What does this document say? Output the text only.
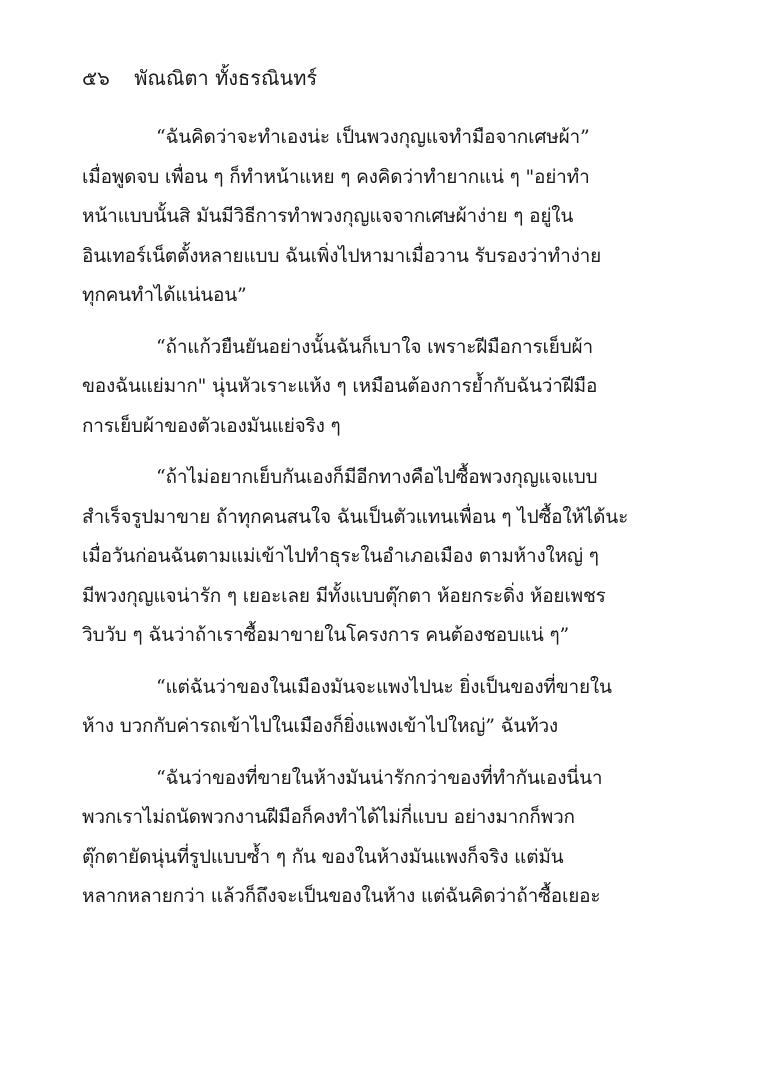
๕๖ พัณณิตา ทั้งธรณินทร์

“ฉันคิดว่าจะทำเองน่ะ เป็นพวงกุญแจทำมือจากเศษผ้า”
เมื่อพูดจบ เพื่อน ๆ ก็ทำหน้าแหย ๆ คงคิดว่าทำยากแน่ ๆ "อย่าทำ
หน้าแบบนั้นสิ มันมีวิธีการทำพวงกุญแจจากเศษผ้าง่าย ๆ อยู่ใน
อินเทอร์เน็ตตั้งหลายแบบ ฉันเพิ่งไปหามาเมื่อวาน รับรองว่าทำง่าย
ทุกคนทำได้แน่นอน”

“ถ้าแก้วยืนยันอย่างนั้นฉันก็เบาใจ เพราะฝีมือการเย็บผ้า
ของฉันแย่มาก" นุ่นหัวเราะแห้ง ๆ เหมือนต้องการย้ำกับฉันว่าฝีมือ
การเย็บผ้าของตัวเองมันแย่จริง ๆ

“ถ้าไม่อยากเย็บกันเองก็มีอีกทางคือไปซื้อพวงกุญแจแบบ
สำเร็จรูปมาขาย ถ้าทุกคนสนใจ ฉันเป็นตัวแทนเพื่อน ๆ ไปซื้อให้ได้นะ
เมื่อวันก่อนฉันตามแม่เข้าไปทำธุระในอำเภอเมือง ตามห้างใหญ่ ๆ
มีพวงกุญแจน่ารัก ๆ เยอะเลย มีทั้งแบบตุ๊กตา ห้อยกระดิ่ง ห้อยเพชร
วิบวับ ๆ ฉันว่าถ้าเราซื้อมาขายในโครงการ คนต้องชอบแน่ ๆ”

“แต่ฉันว่าของในเมืองมันจะแพงไปนะ ยิ่งเป็นของที่ขายใน
ห้าง บวกกับค่ารถเข้าไปในเมืองก็ยิ่งแพงเข้าไปใหญ่” ฉันท้วง

“ฉันว่าของที่ขายในห้างมันน่ารักกว่าของที่ทำกันเองนี่นา
พวกเราไม่ถนัดพวกงานฝีมือก็คงทำได้ไม่กี่แบบ อย่างมากก็พวก
ตุ๊กตายัดนุ่นที่รูปแบบซ้ำ ๆ กัน ของในห้างมันแพงก็จริง แต่มัน
หลากหลายกว่า แล้วก็ถึงจะเป็นของในห้าง แต่ฉันคิดว่าถ้าซื้อเยอะ
